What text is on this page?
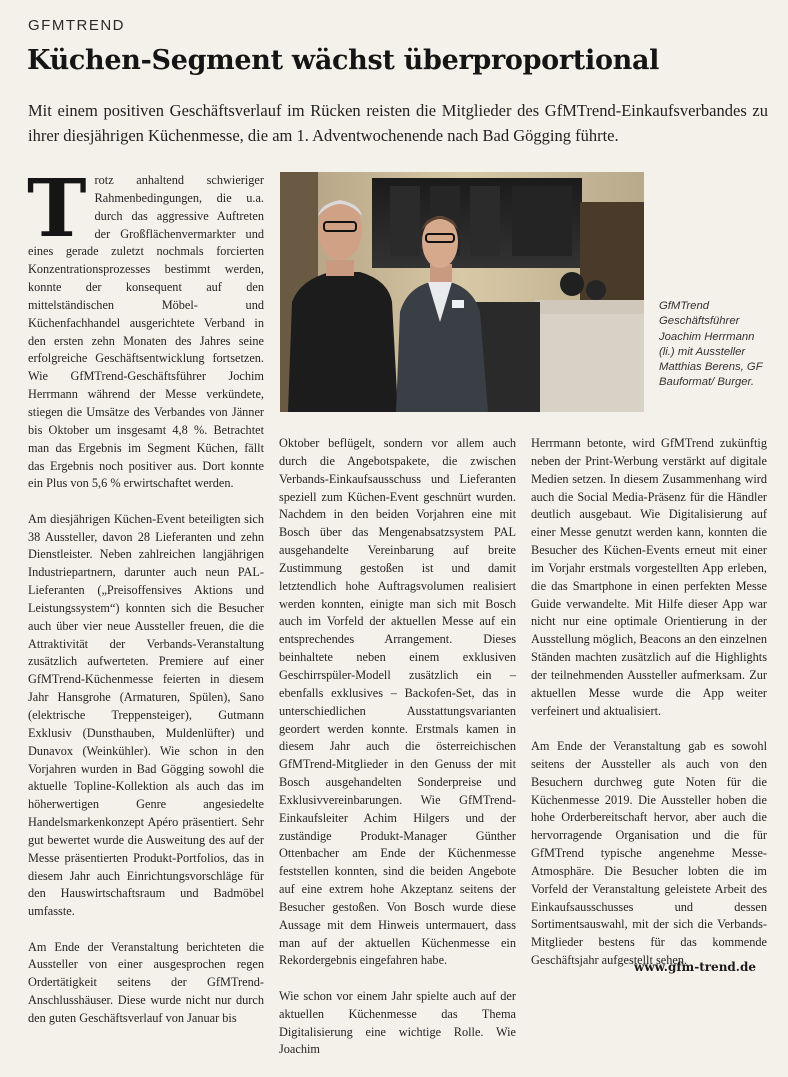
GFMTREND
Küchen-Segment wächst überproportional
Mit einem positiven Geschäftsverlauf im Rücken reisten die Mitglieder des GfMTrend-Einkaufsverbandes zu ihrer diesjährigen Küchenmesse, die am 1. Adventwochenende nach Bad Gögging führte.

Trotz anhaltend schwieriger Rahmenbedingungen, die u.a. durch das aggressive Auftreten der Großflächenvermarkter und eines gerade zuletzt nochmals forcierten Konzentrationsprozesses bestimmt werden, konnte der konsequent auf den mittelständischen Möbel- und Küchenfachhandel ausgerichtete Verband in den ersten zehn Monaten des Jahres seine erfolgreiche Geschäftsentwicklung fortsetzen. Wie GfMTrend-Geschäftsführer Jochim Herrmann während der Messe verkündete, stiegen die Umsätze des Verbandes von Jänner bis Oktober um insgesamt 4,8 %. Betrachtet man das Ergebnis im Segment Küchen, fällt das Ergebnis noch positiver aus. Dort konnte ein Plus von 5,6 % erwirtschaftet werden.

Am diesjährigen Küchen-Event beteiligten sich 38 Aussteller, davon 28 Lieferanten und zehn Dienstleister. Neben zahlreichen langjährigen Industriepartnern, darunter auch neun PAL-Lieferanten („Preisoffensives Aktions und Leistungssystem“) konnten sich die Besucher auch über vier neue Aussteller freuen, die die Attraktivität der Verbands-Veranstaltung zusätzlich aufwerteten. Premiere auf einer GfMTrend-Küchenmesse feierten in diesem Jahr Hansgrohe (Armaturen, Spülen), Sano (elektrische Treppensteiger), Gutmann Exklusiv (Dunsthauben, Muldenlüfter) und Dunavox (Weinkühler). Wie schon in den Vorjahren wurden in Bad Gögging sowohl die aktuelle Topline-Kollektion als auch das im höherwertigen Genre angesiedelte Handelsmarkenkonzept Apéro präsentiert. Sehr gut bewertet wurde die Ausweitung des auf der Messe präsentierten Produkt-Portfolios, das in diesem Jahr auch Einrichtungsvorschläge für den Hauswirtschaftsraum und Badmöbel umfasste.

Am Ende der Veranstaltung berichteten die Aussteller von einer ausgesprochen regen Ordertätigkeit seitens der GfMTrend-Anschlusshäuser. Diese wurde nicht nur durch den guten Geschäftsverlauf von Januar bis

GfMTrend Geschäftsführer Joachim Herrmann (li.) mit Aussteller Matthias Berens, GF Bauformat/ Burger.

Oktober beflügelt, sondern vor allem auch durch die Angebotspakete, die zwischen Verbands-Einkaufsausschuss und Lieferanten speziell zum Küchen-Event geschnürt wurden. Nachdem in den beiden Vorjahren eine mit Bosch über das Mengenabsatzsystem PAL ausgehandelte Vereinbarung auf breite Zustimmung gestoßen ist und damit letztendlich hohe Auftragsvolumen realisiert werden konnten, einigte man sich mit Bosch auch im Vorfeld der aktuellen Messe auf ein entsprechendes Arrangement. Dieses beinhaltete neben einem exklusiven Geschirrspüler-Modell zusätzlich ein – ebenfalls exklusives – Backofen-Set, das in unterschiedlichen Ausstattungsvarianten geordert werden konnte. Erstmals kamen in diesem Jahr auch die österreichischen GfMTrend-Mitglieder in den Genuss der mit Bosch ausgehandelten Sonderpreise und Exklusivvereinbarungen. Wie GfMTrend-Einkaufsleiter Achim Hilgers und der zuständige Produkt-Manager Günther Ottenbacher am Ende der Küchenmesse feststellen konnten, sind die beiden Angebote auf eine extrem hohe Akzeptanz seitens der Besucher gestoßen. Von Bosch wurde diese Aussage mit dem Hinweis untermauert, dass man auf der aktuellen Küchenmesse ein Rekordergebnis eingefahren habe.

Wie schon vor einem Jahr spielte auch auf der aktuellen Küchenmesse das Thema Digitalisierung eine wichtige Rolle. Wie Joachim

Herrmann betonte, wird GfMTrend zukünftig neben der Print-Werbung verstärkt auf digitale Medien setzen. In diesem Zusammenhang wird auch die Social Media-Präsenz für die Händler deutlich ausgebaut. Wie Digitalisierung auf einer Messe genutzt werden kann, konnten die Besucher des Küchen-Events erneut mit einer im Vorjahr erstmals vorgestellten App erleben, die das Smartphone in einen perfekten Messe Guide verwandelte. Mit Hilfe dieser App war nicht nur eine optimale Orientierung in der Ausstellung möglich, Beacons an den einzelnen Ständen machten zusätzlich auf die Highlights der teilnehmenden Aussteller aufmerksam. Zur aktuellen Messe wurde die App weiter verfeinert und aktualisiert.

Am Ende der Veranstaltung gab es sowohl seitens der Aussteller als auch von den Besuchern durchweg gute Noten für die Küchenmesse 2019. Die Aussteller hoben die hohe Orderbereitschaft hervor, aber auch die hervorragende Organisation und die für GfMTrend typische angenehme Messe-Atmosphäre. Die Besucher lobten die im Vorfeld der Veranstaltung geleistete Arbeit des Einkaufsausschusses und dessen Sortimentsauswahl, mit der sich die Verbands-Mitglieder bestens für das kommende Geschäftsjahr aufgestellt sehen.

www.gfm-trend.de
